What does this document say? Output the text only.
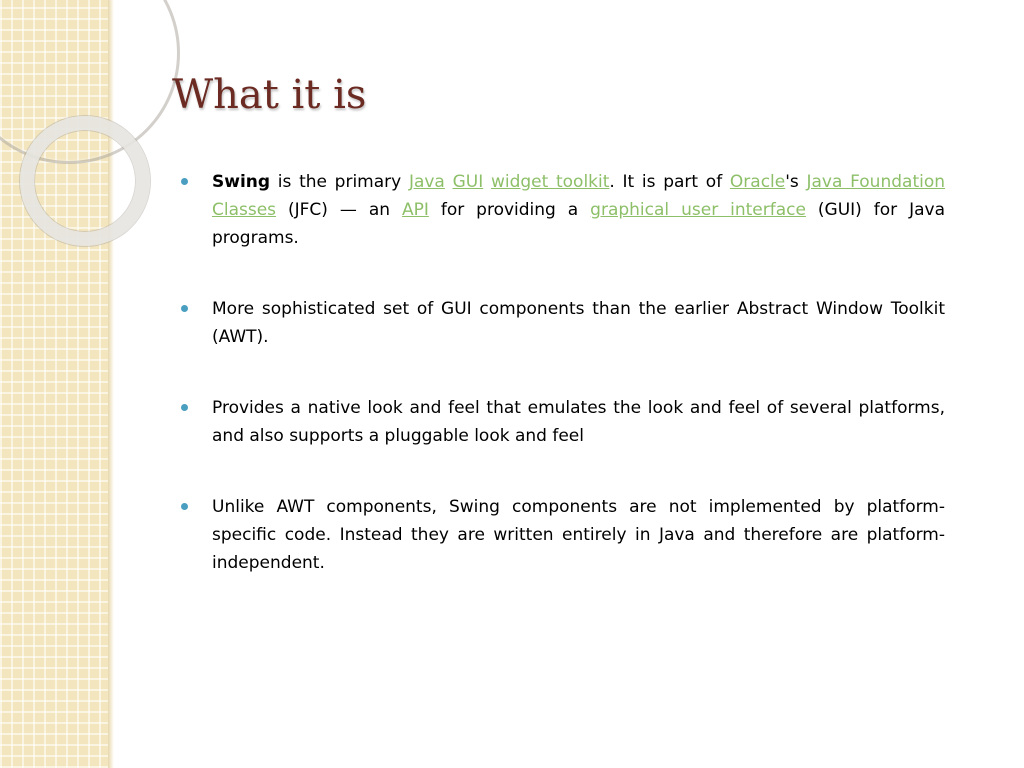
What it is
Swing is the primary Java GUI widget toolkit. It is part of Oracle's Java Foundation Classes (JFC) — an API for providing a graphical user interface (GUI) for Java programs.
More sophisticated set of GUI components than the earlier Abstract Window Toolkit (AWT).
Provides a native look and feel that emulates the look and feel of several platforms, and also supports a pluggable look and feel
Unlike AWT components, Swing components are not implemented by platform-specific code. Instead they are written entirely in Java and therefore are platform-independent.
